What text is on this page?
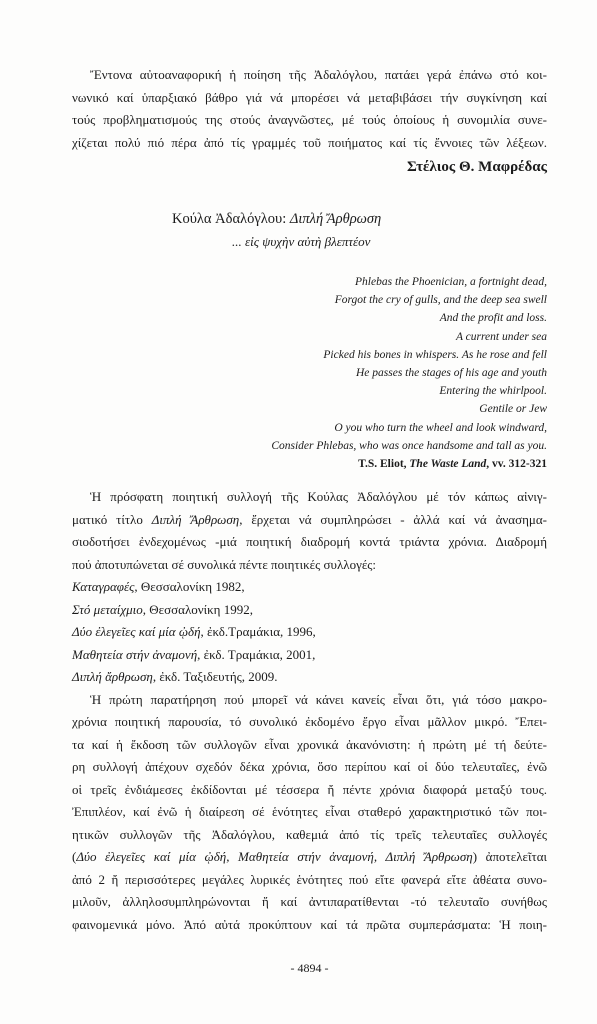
Ἔντονα αὐτοαναφορική ἡ ποίηση τῆς Ἀδαλόγλου, πατάει γερά ἐπάνω στό κοι-
νωνικό καί ὑπαρξιακό βάθρο γιά νά μπορέσει νά μεταβιβάσει τήν συγκίνηση καί
τούς προβληματισμούς της στούς ἀναγνῶστες, μέ τούς ὁποίους ἡ συνομιλία συνε-
χίζεται πολύ πιό πέρα ἀπό τίς γραμμές τοῦ ποιήματος καί τίς ἔννοιες τῶν λέξεων.
Στέλιος Θ. Μαφρέδας
Κούλα Ἀδαλόγλου: Διπλή Ἄρθρωση
... εἰς ψυχὴν αὐτὴ βλεπτέον
Phlebas the Phoenician, a fortnight dead,
Forgot the cry of gulls, and the deep sea swell
And the profit and loss.
A current under sea
Picked his bones in whispers. As he rose and fell
He passes the stages of his age and youth
Entering the whirlpool.
Gentile or Jew
O you who turn the wheel and look windward,
Consider Phlebas, who was once handsome and tall as you.
T.S. Eliot, The Waste Land, vv. 312-321
Ἡ πρόσφατη ποιητική συλλογή τῆς Κούλας Ἀδαλόγλου μέ τόν κάπως αἰνιγ-
ματικό τίτλο Διπλή Ἄρθρωση, ἔρχεται νά συμπληρώσει - ἀλλά καί νά ἀνασημα-
σιοδοτήσει ἐνδεχομένως -μιά ποιητική διαδρομή κοντά τριάντα χρόνια. Διαδρομή
πού ἀποτυπώνεται σέ συνολικά πέντε ποιητικές συλλογές:
Καταγραφές, Θεσσαλονίκη 1982,
Στό μεταίχμιο, Θεσσαλονίκη 1992,
Δύο ἐλεγεῖες καί μία ᾠδή, ἐκδ.Τραμάκια, 1996,
Μαθητεία στήν ἀναμονή, ἐκδ. Τραμάκια, 2001,
Διπλή ἄρθρωση, ἐκδ. Ταξιδευτής, 2009.
Ἡ πρώτη παρατήρηση πού μπορεῖ νά κάνει κανείς εἶναι ὅτι, γιά τόσο μακρο-
χρόνια ποιητική παρουσία, τό συνολικό ἐκδομένο ἔργο εἶναι μᾶλλον μικρό. Ἔπει-
τα καί ἡ ἔκδοση τῶν συλλογῶν εἶναι χρονικά ἀκανόνιστη: ἡ πρώτη μέ τή δεύτε-
ρη συλλογή ἀπέχουν σχεδόν δέκα χρόνια, ὅσο περίπου καί οἱ δύο τελευταῖες, ἐνῶ
οἱ τρεῖς ἐνδιάμεσες ἐκδίδονται μέ τέσσερα ἤ πέντε χρόνια διαφορά μεταξύ τους.
Ἐπιπλέον, καί ἐνῶ ἡ διαίρεση σέ ἑνότητες εἶναι σταθερό χαρακτηριστικό τῶν ποι-
ητικῶν συλλογῶν τῆς Ἀδαλόγλου, καθεμιά ἀπό τίς τρεῖς τελευταῖες συλλογές
(Δύο ἐλεγεῖες καί μία ᾠδή, Μαθητεία στήν ἀναμονή, Διπλή Ἄρθρωση) ἀποτελεῖται
ἀπό 2 ἤ περισσότερες μεγάλες λυρικές ἑνότητες πού εἴτε φανερά εἴτε ἀθέατα συνο-
μιλοῦν, ἀλληλοσυμπληρώνονται ἤ καί ἀντιπαρατίθενται -τό τελευταῖο συνήθως
φαινομενικά μόνο. Ἀπό αὐτά προκύπτουν καί τά πρῶτα συμπεράσματα: Ἡ ποιη-
- 4894 -
